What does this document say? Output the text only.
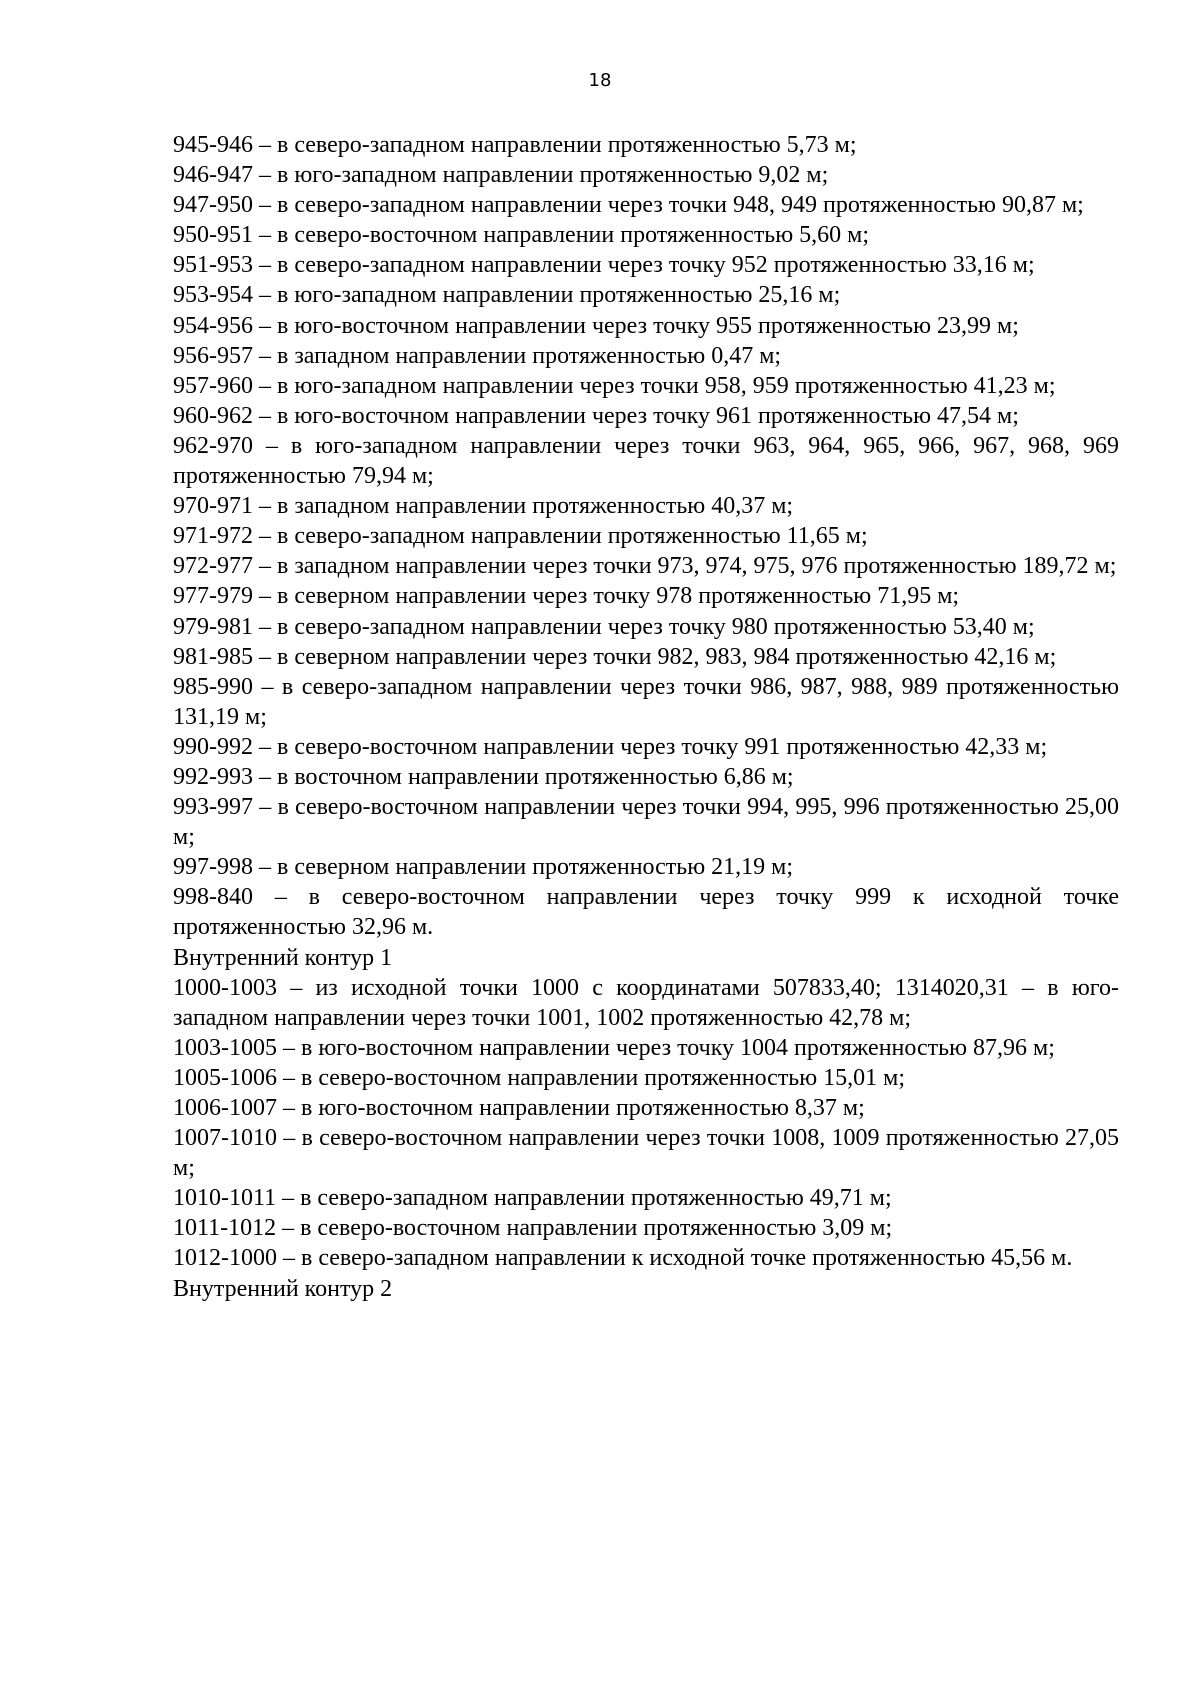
18
945-946 – в северо-западном направлении протяженностью 5,73 м;
946-947 – в юго-западном направлении протяженностью 9,02 м;
947-950 – в северо-западном направлении через точки 948, 949 протяженностью 90,87 м;
950-951 – в северо-восточном направлении протяженностью 5,60 м;
951-953 – в северо-западном направлении через точку 952 протяженностью 33,16 м;
953-954 – в юго-западном направлении протяженностью 25,16 м;
954-956 – в юго-восточном направлении через точку 955 протяженностью 23,99 м;
956-957 – в западном направлении протяженностью 0,47 м;
957-960 – в юго-западном направлении через точки 958, 959 протяженностью 41,23 м;
960-962 – в юго-восточном направлении через точку 961 протяженностью 47,54 м;
962-970 – в юго-западном направлении через точки 963, 964, 965, 966, 967, 968, 969 протяженностью 79,94 м;
970-971 – в западном направлении протяженностью 40,37 м;
971-972 – в северо-западном направлении протяженностью 11,65 м;
972-977 – в западном направлении через точки 973, 974, 975, 976 протяженностью 189,72 м;
977-979 – в северном направлении через точку 978 протяженностью 71,95 м;
979-981 – в северо-западном направлении через точку 980 протяженностью 53,40 м;
981-985 – в северном направлении через точки 982, 983, 984 протяженностью 42,16 м;
985-990 – в северо-западном направлении через точки 986, 987, 988, 989 протяженностью 131,19 м;
990-992 – в северо-восточном направлении через точку 991 протяженностью 42,33 м;
992-993 – в восточном направлении протяженностью 6,86 м;
993-997 – в северо-восточном направлении через точки 994, 995, 996 протяженностью 25,00 м;
997-998 – в северном направлении протяженностью 21,19 м;
998-840 – в северо-восточном направлении через точку 999 к исходной точке протяженностью 32,96 м.
Внутренний контур 1
1000-1003 – из исходной точки 1000 с координатами 507833,40; 1314020,31 – в юго-западном направлении через точки 1001, 1002 протяженностью 42,78 м;
1003-1005 – в юго-восточном направлении через точку 1004 протяженностью 87,96 м;
1005-1006 – в северо-восточном направлении протяженностью 15,01 м;
1006-1007 – в юго-восточном направлении протяженностью 8,37 м;
1007-1010 – в северо-восточном направлении через точки 1008, 1009 протяженностью 27,05 м;
1010-1011 – в северо-западном направлении протяженностью 49,71 м;
1011-1012 – в северо-восточном направлении протяженностью 3,09 м;
1012-1000 – в северо-западном направлении к исходной точке протяженностью 45,56 м.
Внутренний контур 2
